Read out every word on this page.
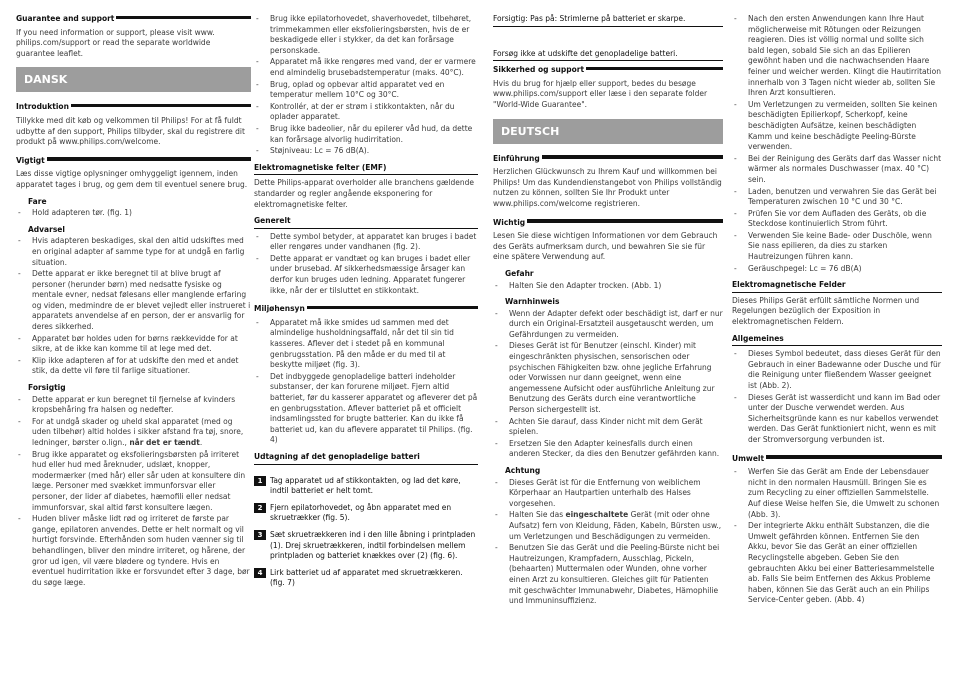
Guarantee and support

If you need information or support, please visit www. philips.com/support or read the separate worldwide guarantee leaflet.

DANSK
Introduktion

Tillykke med dit køb og velkommen til Philips! For at få fuldt udbytte af den support, Philips tilbyder, skal du registrere dit produkt på www.philips.com/welcome.

Vigtigt

Læs disse vigtige oplysninger omhyggeligt igennem, inden apparatet tages i brug, og gem dem til eventuel senere brug.

Fare
- Hold adapteren tør. (fig. 1)
Advarsel
- Hvis adapteren beskadiges, skal den altid udskiftes med en original adapter af samme type for at undgå en farlig situation.
- Dette apparat er ikke beregnet til at blive brugt af personer (herunder børn) med nedsatte fysiske og mentale evner, nedsat følesans eller manglende erfaring og viden, medmindre de er blevet vejledt eller instrueret i apparatets anvendelse af en person, der er ansvarlig for deres sikkerhed.
- Apparatet bør holdes uden for børns rækkevidde for at sikre, at de ikke kan komme til at lege med det.
- Klip ikke adapteren af for at udskifte den med et andet stik, da dette vil føre til farlige situationer.
Forsigtig
- Dette apparat er kun beregnet til fjernelse af kvinders kropsbehåring fra halsen og nedefter.
- For at undgå skader og uheld skal apparatet (med og uden tilbehør) altid holdes i sikker afstand fra tøj, snore, ledninger, børster o.lign., når det er tændt.
- Brug ikke apparatet og eksfolieringsbørsten på irriteret hud eller hud med åreknuder, udslæt, knopper, modermærker (med hår) eller sår uden at konsultere din læge. Personer med svækket immunforsvar eller personer, der lider af diabetes, hæmofili eller nedsat immunforsvar, skal altid først konsultere lægen.
- Huden bliver måske lidt rød og irriteret de første par gange, epilatoren anvendes. Dette er helt normalt og vil hurtigt forsvinde. Efterhånden som huden vænner sig til behandlingen, bliver den mindre irriteret, og hårene, der gror ud igen, vil være blødere og tyndere. Hvis en eventuel hudirritation ikke er forsvundet efter 3 dage, bør du søge læge.
- Brug ikke epilatorhovedet, shaverhovedet, tilbehøret, trimmekammen eller eksfolieringsbørsten, hvis de er beskadigede eller i stykker, da det kan forårsage personskade.
- Apparatet må ikke rengøres med vand, der er varmere end almindelig brusebadstemperatur (maks. 40°C).
- Brug, oplad og opbevar altid apparatet ved en temperatur mellem 10°C og 30°C.
- Kontrollér, at der er strøm i stikkontakten, når du oplader apparatet.
- Brug ikke badeolier, når du epilerer våd hud, da dette kan forårsage alvorlig hudirritation.
- Støjniveau: Lc = 76 dB(A).
Elektromagnetiske felter (EMF)

Dette Philips-apparat overholder alle branchens gældende standarder og regler angående eksponering for elektromagnetiske felter.

Generelt
- Dette symbol betyder, at apparatet kan bruges i badet eller rengøres under vandhanen (fig. 2).
- Dette apparat er vandtæt og kan bruges i badet eller under brusebad. Af sikkerhedsmæssige årsager kan derfor kun bruges uden ledning. Apparatet fungerer ikke, når der er tilsluttet en stikkontakt.
Miljøhensyn
- Apparatet må ikke smides ud sammen med det almindelige husholdningsaffald, når det til sin tid kasseres. Aflever det i stedet på en kommunal genbrugsstation. På den måde er du med til at beskytte miljøet (fig. 3).
- Det indbyggede genopladelige batteri indeholder substanser, der kan forurene miljøet. Fjern altid batteriet, før du kasserer apparatet og afleverer det på en genbrugsstation. Aflever batteriet på et officielt indsamlingssted for brugte batterier. Kan du ikke få batteriet ud, kan du aflevere apparatet til Philips. (fig. 4)
Udtagning af det genopladelige batteri
1	Tag apparatet ud af stikkontakten, og lad det køre, indtil batteriet er helt tomt.
2	Fjern epilatorhovedet, og åbn apparatet med en skruetrækker (fig. 5).
3	Sæt skruetrækkeren ind i den lille åbning i printpladen (1). Drej skruetrækkeren, indtil forbindelsen mellem printpladen og batteriet knækkes over (2) (fig. 6).
4	Lirk batteriet ud af apparatet med skruetrækkeren. (fig. 7)

Forsigtig: Pas på: Strimlerne på batteriet er skarpe.

Forsøg ikke at udskifte det genopladelige batteri.

Sikkerhed og support

Hvis du brug for hjælp eller support, bedes du besøge www.philips.com/support eller læse i den separate folder "World-Wide Guarantee".

DEUTSCH
Einführung

Herzlichen Glückwunsch zu Ihrem Kauf und willkommen bei Philips! Um das Kundendienstangebot von Philips vollständig nutzen zu können, sollten Sie Ihr Produkt unter www.philips.com/welcome registrieren.

Wichtig

Lesen Sie diese wichtigen Informationen vor dem Gebrauch des Geräts aufmerksam durch, und bewahren Sie sie für eine spätere Verwendung auf.

Gefahr
- Halten Sie den Adapter trocken. (Abb. 1)
Warnhinweis
- Wenn der Adapter defekt oder beschädigt ist, darf er nur durch ein Original-Ersatzteil ausgetauscht werden, um Gefährdungen zu vermeiden.
- Dieses Gerät ist für Benutzer (einschl. Kinder) mit eingeschränkten physischen, sensorischen oder psychischen Fähigkeiten bzw. ohne jegliche Erfahrung oder Vorwissen nur dann geeignet, wenn eine angemessene Aufsicht oder ausführliche Anleitung zur Benutzung des Geräts durch eine verantwortliche Person sichergestellt ist.
- Achten Sie darauf, dass Kinder nicht mit dem Gerät spielen.
- Ersetzen Sie den Adapter keinesfalls durch einen anderen Stecker, da dies den Benutzer gefährden kann.
Achtung
- Dieses Gerät ist für die Entfernung von weiblichem Körperhaar an Hautpartien unterhalb des Halses vorgesehen.
- Halten Sie das eingeschaltete Gerät (mit oder ohne Aufsatz) fern von Kleidung, Fäden, Kabeln, Bürsten usw., um Verletzungen und Beschädigungen zu vermeiden.
- Benutzen Sie das Gerät und die Peeling-Bürste nicht bei Hautreizungen, Krampfadern, Ausschlag, Pickeln, (behaarten) Muttermalen oder Wunden, ohne vorher einen Arzt zu konsultieren. Gleiches gilt für Patienten mit geschwächter Immunabwehr, Diabetes, Hämophilie und Immuninsuffizienz.
- Nach den ersten Anwendungen kann Ihre Haut möglicherweise mit Rötungen oder Reizungen reagieren. Dies ist völlig normal und sollte sich bald legen, sobald Sie sich an das Epilieren gewöhnt haben und die nachwachsenden Haare feiner und weicher werden. Klingt die Hautirritation innerhalb von 3 Tagen nicht wieder ab, sollten Sie Ihren Arzt konsultieren.
- Um Verletzungen zu vermeiden, sollten Sie keinen beschädigten Epilierkopf, Scherkopf, keine beschädigten Aufsätze, keinen beschädigten Kamm und keine beschädigte Peeling-Bürste verwenden.
- Bei der Reinigung des Geräts darf das Wasser nicht wärmer als normales Duschwasser (max. 40 °C) sein.
- Laden, benutzen und verwahren Sie das Gerät bei Temperaturen zwischen 10 °C und 30 °C.
- Prüfen Sie vor dem Aufladen des Geräts, ob die Steckdose kontinuierlich Strom führt.
- Verwenden Sie keine Bade- oder Duschöle, wenn Sie nass epilieren, da dies zu starken Hautreizungen führen kann.
- Geräuschpegel: Lc = 76 dB(A)
Elektromagnetische Felder

Dieses Philips Gerät erfüllt sämtliche Normen und Regelungen bezüglich der Exposition in elektromagnetischen Feldern.

Allgemeines
- Dieses Symbol bedeutet, dass dieses Gerät für den Gebrauch in einer Badewanne oder Dusche und für die Reinigung unter fließendem Wasser geeignet ist (Abb. 2).
- Dieses Gerät ist wasserdicht und kann im Bad oder unter der Dusche verwendet werden. Aus Sicherheitsgründe kann es nur kabellos verwendet werden. Das Gerät funktioniert nicht, wenn es mit der Stromversorgung verbunden ist.
Umwelt
- Werfen Sie das Gerät am Ende der Lebensdauer nicht in den normalen Hausmüll. Bringen Sie es zum Recycling zu einer offiziellen Sammelstelle. Auf diese Weise helfen Sie, die Umwelt zu schonen (Abb. 3).
- Der integrierte Akku enthält Substanzen, die die Umwelt gefährden können. Entfernen Sie den Akku, bevor Sie das Gerät an einer offiziellen Recyclingstelle abgeben. Geben Sie den gebrauchten Akku bei einer Batteriesammelstelle ab. Falls Sie beim Entfernen des Akkus Probleme haben, können Sie das Gerät auch an ein Philips Service-Center geben. (Abb. 4)
